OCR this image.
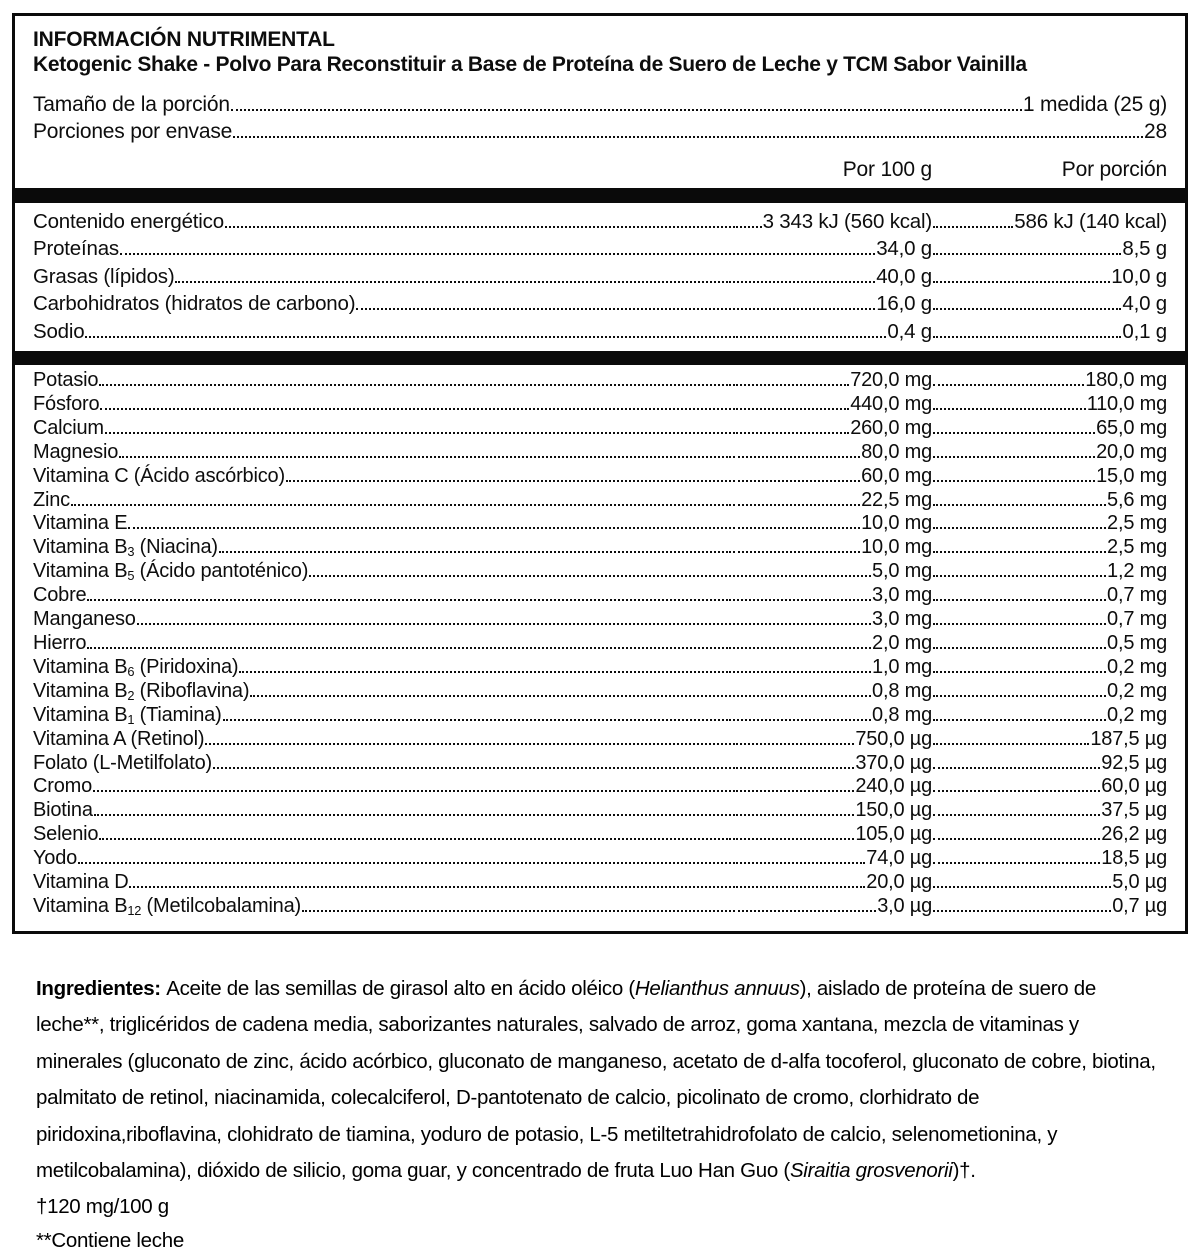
INFORMACIÓN NUTRIMENTAL
Ketogenic Shake - Polvo Para Reconstituir a Base de Proteína de Suero de Leche y TCM Sabor Vainilla
Tamaño de la porción	1 medida (25 g)
Porciones por envase	28
Por 100 g	Por porción
Contenido energético	3 343 kJ (560 kcal)	586 kJ (140 kcal)
Proteínas	34,0 g	8,5 g
Grasas (lípidos)	40,0 g	10,0 g
Carbohidratos (hidratos de carbono)	16,0 g	4,0 g
Sodio	0,4 g	0,1 g
Potasio	720,0 mg	180,0 mg
Fósforo	440,0 mg	110,0 mg
Calcium	260,0 mg	65,0 mg
Magnesio	80,0 mg	20,0 mg
Vitamina C (Ácido ascórbico)	60,0 mg	15,0 mg
Zinc	22,5 mg	5,6 mg
Vitamina E	10,0 mg	2,5 mg
Vitamina B3 (Niacina)	10,0 mg	2,5 mg
Vitamina B5 (Ácido pantoténico)	5,0 mg	1,2 mg
Cobre	3,0 mg	0,7 mg
Manganeso	3,0 mg	0,7 mg
Hierro	2,0 mg	0,5 mg
Vitamina B6 (Piridoxina)	1,0 mg	0,2 mg
Vitamina B2 (Riboflavina)	0,8 mg	0,2 mg
Vitamina B1 (Tiamina)	0,8 mg	0,2 mg
Vitamina A (Retinol)	750,0 µg	187,5 µg
Folato (L-Metilfolato)	370,0 µg	92,5 µg
Cromo	240,0 µg	60,0 µg
Biotina	150,0 µg	37,5 µg
Selenio	105,0 µg	26,2 µg
Yodo	74,0 µg	18,5 µg
Vitamina D	20,0 µg	5,0 µg
Vitamina B12 (Metilcobalamina)	3,0 µg	0,7 µg
Ingredientes: Aceite de las semillas de girasol alto en ácido oléico (Helianthus annuus), aislado de proteína de suero de leche**, triglicéridos de cadena media, saborizantes naturales, salvado de arroz, goma xantana, mezcla de vitaminas y minerales (gluconato de zinc, ácido acórbico, gluconato de manganeso, acetato de d-alfa tocoferol, gluconato de cobre, biotina, palmitato de retinol, niacinamida, colecalciferol, D-pantotenato de calcio, picolinato de cromo, clorhidrato de piridoxina,riboflavina, clohidrato de tiamina, yoduro de potasio, L-5 metiltetrahidrofolato de calcio, selenometionina, y metilcobalamina), dióxido de silicio, goma guar, y concentrado de fruta Luo Han Guo (Siraitia grosvenorii)†.
†120 mg/100 g
**Contiene leche
